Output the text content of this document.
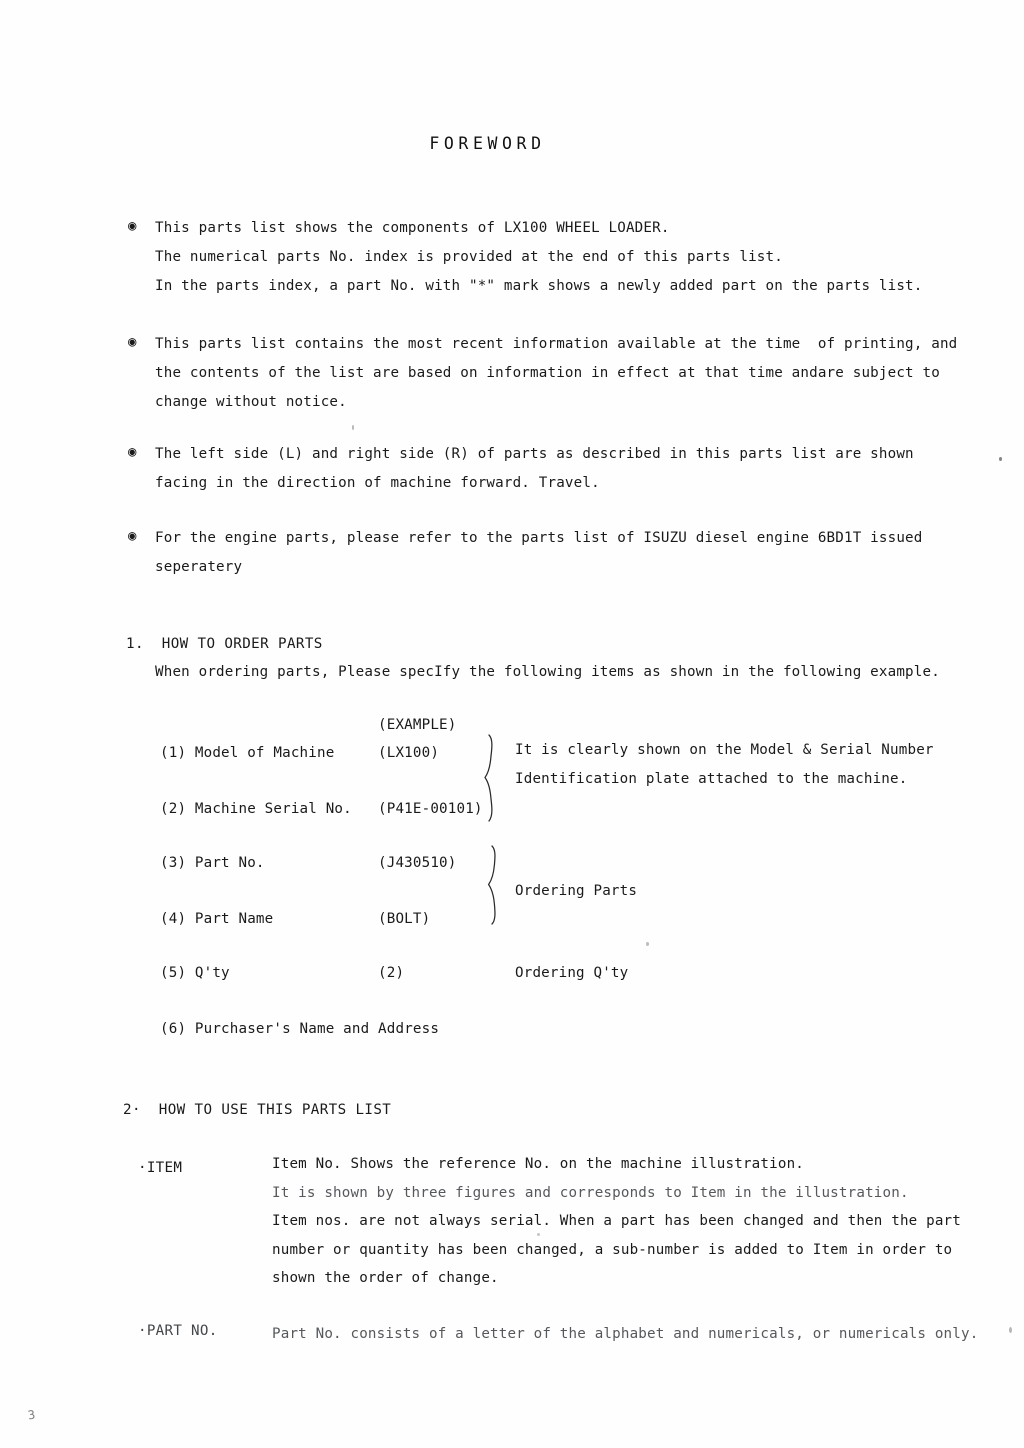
FOREWORD
◉	This parts list shows the components of LX100 WHEEL LOADER.
The numerical parts No. index is provided at the end of this parts list.
In the parts index, a part No. with "*" mark shows a newly added part on the parts list.
◉	This parts list contains the most recent information available at the time  of printing, and
the contents of the list are based on information in effect at that time andare subject to
change without notice.
◉	The left side (L) and right side (R) of parts as described in this parts list are shown
facing in the direction of machine forward. Travel.
◉	For the engine parts, please refer to the parts list of ISUZU diesel engine 6BD1T issued
seperatery
1.  HOW TO ORDER PARTS
When ordering parts, Please specIfy the following items as shown in the following example.
(EXAMPLE)
(1) Model of Machine	(LX100)
(2) Machine Serial No. (P41E-00101)
It is clearly shown on the Model & Serial Number
Identification plate attached to the machine.
(3) Part No.	(J430510)
(4) Part Name	(BOLT)
Ordering Parts
(5) Q'ty	(2)	Ordering Q'ty
(6) Purchaser's Name and Address
2·  HOW TO USE THIS PARTS LIST
·ITEM	Item No. Shows the reference No. on the machine illustration.
It is shown by three figures and corresponds to Item in the illustration.
Item nos. are not always serial. When a part has been changed and then the part
number or quantity has been changed, a sub-number is added to Item in order to
shown the order of change.
·PART NO.	Part No. consists of a letter of the alphabet and numericals, or numericals only.
3
